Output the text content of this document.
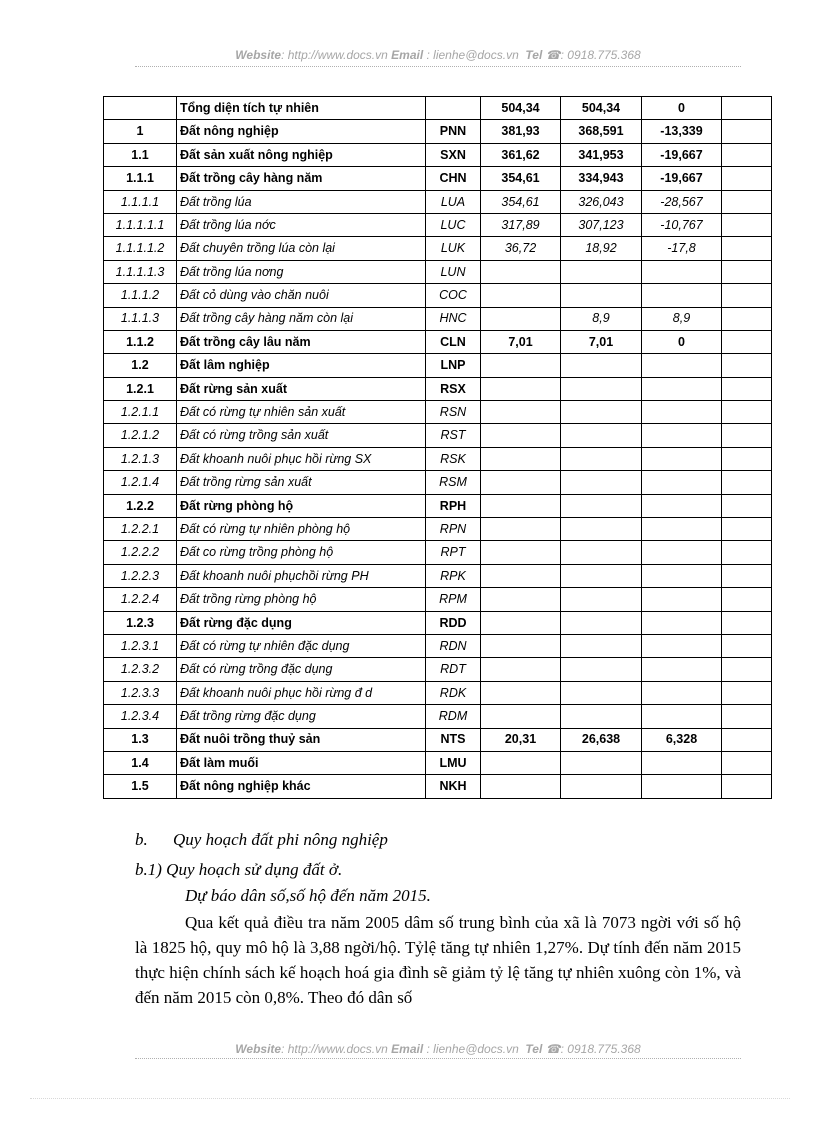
Website: http://www.docs.vn Email : lienhe@docs.vn Tel ☎: 0918.775.368
	Tổng diện tích tự nhiên		504,34	504,34	0	
1	Đất nông nghiệp	PNN	381,93	368,591	-13,339	
1.1	Đất sản xuất nông nghiệp	SXN	361,62	341,953	-19,667	
1.1.1	Đất trồng cây hàng năm	CHN	354,61	334,943	-19,667	
1.1.1.1	Đất trồng lúa	LUA	354,61	326,043	-28,567	
1.1.1.1.1	Đất trồng lúa nớc	LUC	317,89	307,123	-10,767	
1.1.1.1.2	Đất chuyên trồng lúa còn lại	LUK	36,72	18,92	-17,8	
1.1.1.1.3	Đất trồng lúa nơng	LUN				
1.1.1.2	Đất cỏ dùng vào chăn nuôi	COC				
1.1.1.3	Đất trồng cây hàng năm còn lại	HNC		8,9	8,9	
1.1.2	Đất trồng cây lâu năm	CLN	7,01	7,01	0	
1.2	Đất lâm nghiệp	LNP				
1.2.1	Đất rừng sản xuất	RSX				
1.2.1.1	Đất có rừng tự nhiên sản xuất	RSN				
1.2.1.2	Đất có rừng trồng sản xuất	RST				
1.2.1.3	Đất khoanh nuôi phục hồi rừng SX	RSK				
1.2.1.4	Đất trồng rừng sản xuất	RSM				
1.2.2	Đất rừng phòng hộ	RPH				
1.2.2.1	Đất có rừng tự nhiên phòng hộ	RPN				
1.2.2.2	Đất co rừng trồng phòng hộ	RPT				
1.2.2.3	Đất khoanh nuôi phụchồi rừng PH	RPK				
1.2.2.4	Đất trồng rừng phòng hộ	RPM				
1.2.3	Đất rừng đặc dụng	RDD				
1.2.3.1	Đất có rừng tự nhiên đặc dụng	RDN				
1.2.3.2	Đất có rừng trồng đặc dụng	RDT				
1.2.3.3	Đất khoanh nuôi phục hồi rừng đ d	RDK				
1.2.3.4	Đất trồng rừng đặc dụng	RDM				
1.3	Đất nuôi trồng thuỷ sản	NTS	20,31	26,638	6,328	
1.4	Đất làm muối	LMU				
1.5	Đất nông nghiệp khác	NKH				
b. Quy hoạch đất phi nông nghiệp
b.1) Quy hoạch sử dụng đất ở.
Dự báo dân số,số hộ đến năm 2015.
Qua kết quả điều tra năm 2005 dâm số trung bình của xã là 7073 ngời với số hộ là 1825 hộ, quy mô hộ là 3,88 ngời/hộ. Tỷlệ tăng tự nhiên 1,27%. Dự tính đến năm 2015 thực hiện chính sách kế hoạch hoá gia đình sẽ giảm tỷ lệ tăng tự nhiên xuông còn 1%, và đến năm 2015 còn 0,8%. Theo đó dân số
Website: http://www.docs.vn Email : lienhe@docs.vn Tel ☎: 0918.775.368
